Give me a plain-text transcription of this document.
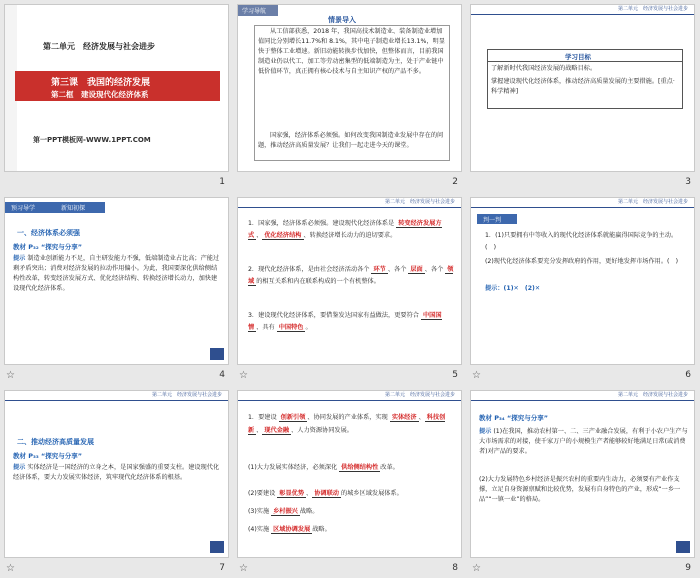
第二单元　经济发展与社会进步
第三课　我国的经济发展
第二框　建设现代化经济体系
第一PPT模板网-WWW.1PPT.COM
1
学习导航
情景导入
从工信部获悉，2018 年，我国高技术制造业、装备制造业增加值同比分别增长11.7%和 8.1%，其中电子制造业增长13.1%，明显快于整体工业增速。新旧动能转换步伐加快，但整体而言，目前我国制造业仍以代工、加工等劳动密集型的低端制造为主，处于产业链中低价值环节，真正拥有核心技术与自主知识产权的产品不多。
国家强，经济体系必须强。如何改变我国制造业发展中存在的问题，推动经济高质量发展？让我们一起走进今天的课堂。
2
第二单元　经济发展与社会进步
学习目标
了解新时代我国经济发展的战略目标。
掌握建设现代化经济体系，推动经济高质量发展的主要措施。[重点·科学精神]
3
预习导学	新知初探
一、经济体系必须强
教材 P₃₂ “探究与分享”
提示 制造业创新能力不足，自主研发能力不强，低端制造业占比高；产能过剩矛盾突出；消费对经济发展的拉动作用偏小。为此，我国要深化供给侧结构性改革，转变经济发展方式、优化经济结构、转换经济增长动力，加快建设现代化经济体系。
☆	4
第二单元　经济发展与社会进步
1．国家强，经济体系必须强。建设现代化经济体系是 转变经济发展方式 、 优化经济结构 、转换经济增长动力的迫切要求。
2．现代化经济体系，是由社会经济活动各个 环节 、各个 层面 、各个 领域 的相互关系和内在联系构成的一个有机整体。
3．建设现代化经济体系，要借鉴发达国家有益做法，更要符合 中国国情 、具有 中国特色 。
☆	5
第二单元　经济发展与社会进步
判一判
1．(1)只要拥有中等收入的现代化经济体系就能赢得国际竞争的主动。(　)
(2)现代化经济体系要充分发挥政府的作用，更好地发挥市场作用。(　)
提示：(1)✕　(2)✕
☆	6
第二单元　经济发展与社会进步
二、推动经济高质量发展
教材 P₃₃ “探究与分享”
提示 实体经济是一国经济的立身之本，是国家强盛的重要支柱。建设现代化经济体系，要大力发展实体经济，筑牢现代化经济体系的根基。
☆	7
第二单元　经济发展与社会进步
1．要建设 创新引领 、协同发展的产业体系，实现 实体经济 、 科技创新 、 现代金融 、人力资源协同发展。
(1)大力发展实体经济，必须深化 供给侧结构性 改革。
(2)要建设 彰显优势 、 协调联动 的城乡区域发展体系。
(3)实施 乡村振兴 战略。
(4)实施 区域协调发展 战略。
☆	8
第二单元　经济发展与社会进步
教材 P₃₄ “探究与分享”
提示 (1)在我国，推动农村第一、二、三产业融合发展，有利于小农户生产与大市场需求的对接，使千家万户的小规模生产者能够较好地满足日常(或消费者)对产品的要求。
(2)大力发展特色乡村经济是振兴农村的重要内生动力，必须要有产业作支撑，立足自身资源禀赋和比较优势，发展有自身特色的产业，形成“一乡一品”“一镇一业”的格局。
☆	9
